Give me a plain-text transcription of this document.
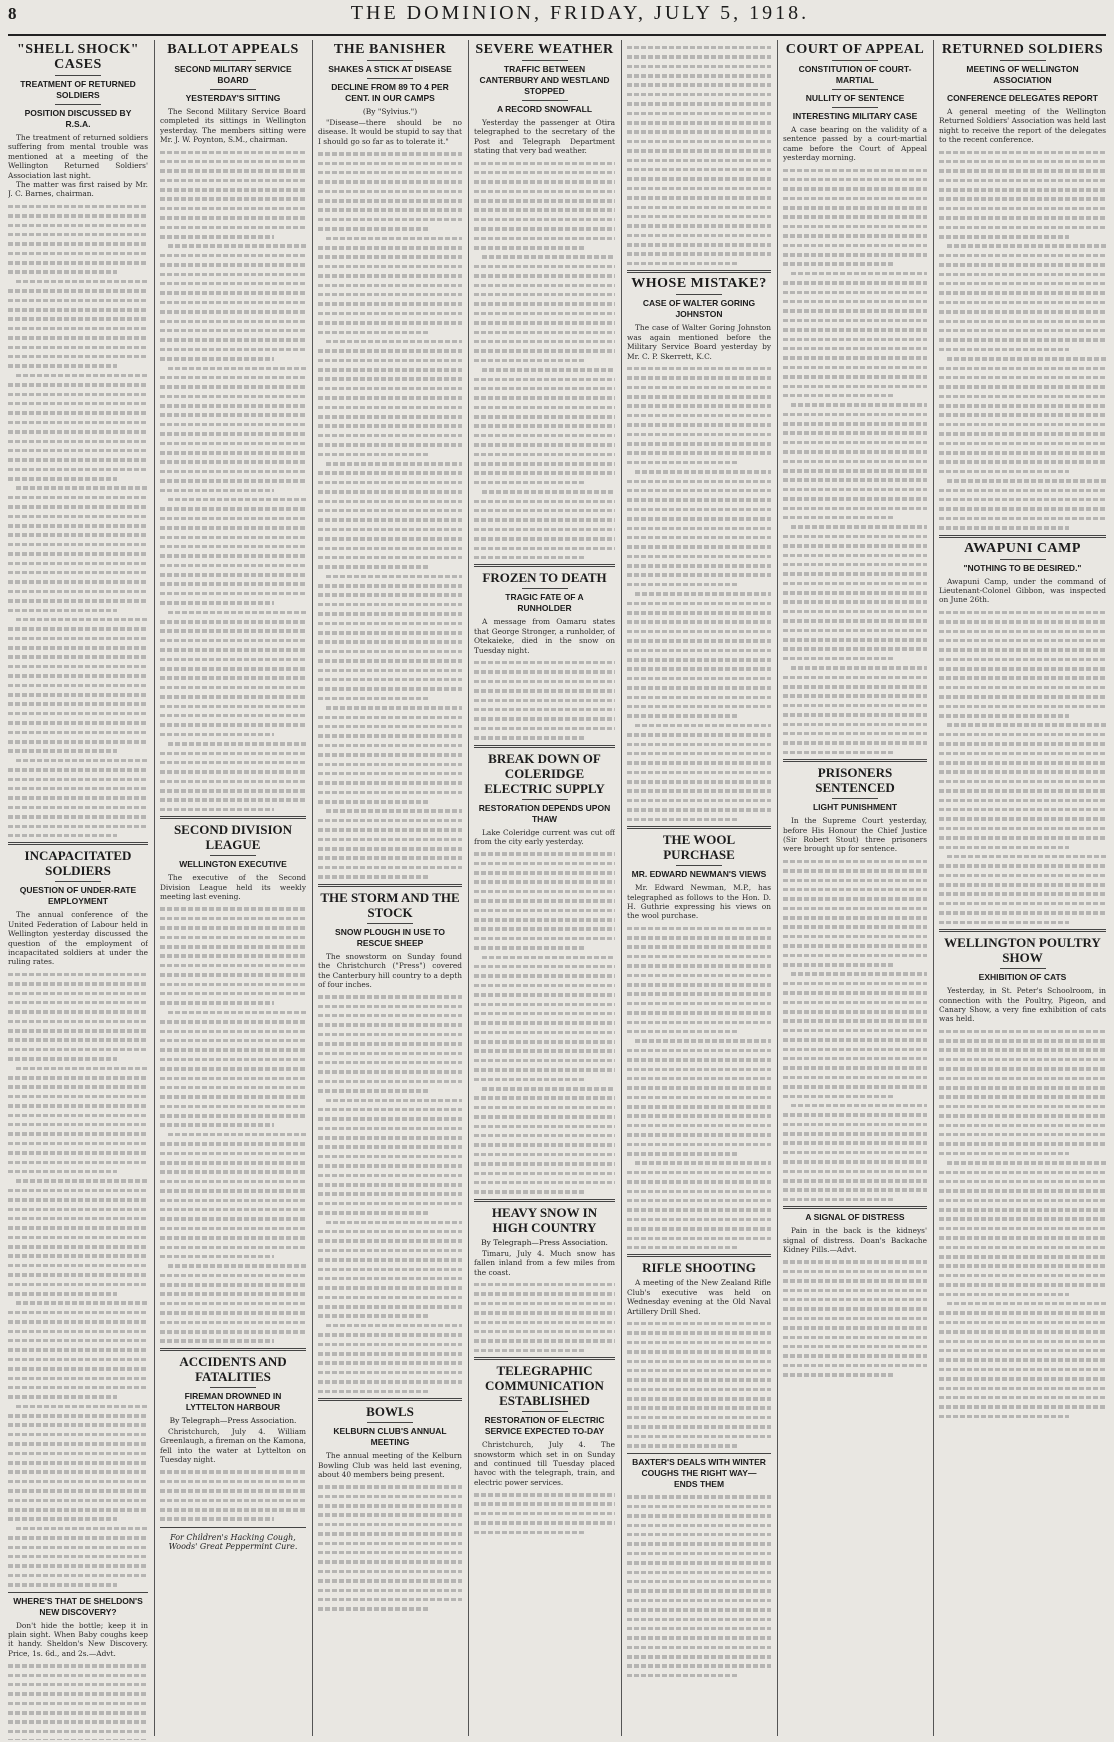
8	THE DOMINION, FRIDAY, JULY 5, 1918.
"SHELL SHOCK" CASES
TREATMENT OF RETURNED SOLDIERS
POSITION DISCUSSED BY R.S.A.

The treatment of returned soldiers suffering from mental trouble was mentioned at a meeting of the Wellington Returned Soldiers' Association last night.

The matter was first raised by Mr. J. C. Barnes, chairman.

INCAPACITATED SOLDIERS
QUESTION OF UNDER-RATE EMPLOYMENT

The annual conference of the United Federation of Labour held in Wellington yesterday discussed the question of the employment of incapacitated soldiers at under the ruling rates.

WHERE'S THAT DE SHELDON'S NEW DISCOVERY?

Don't hide the bottle; keep it in plain sight. When Baby coughs keep it handy. Sheldon's New Discovery. Price, 1s. 6d., and 2s.—Advt.

BALLOT APPEALS
SECOND MILITARY SERVICE BOARD
YESTERDAY'S SITTING

The Second Military Service Board completed its sittings in Wellington yesterday. The members sitting were Mr. J. W. Poynton, S.M., chairman.

SECOND DIVISION LEAGUE
WELLINGTON EXECUTIVE

The executive of the Second Division League held its weekly meeting last evening.

ACCIDENTS AND FATALITIES
FIREMAN DROWNED IN LYTTELTON HARBOUR
By Telegraph—Press Association.

Christchurch, July 4. William Greenlaugh, a fireman on the Kamona, fell into the water at Lyttelton on Tuesday night.

For Children's Hacking Cough, Woods' Great Peppermint Cure.
THE BANISHER
SHAKES A STICK AT DISEASE
DECLINE FROM 89 TO 4 PER CENT. IN OUR CAMPS
(By "Sylvius.")

"Disease—there should be no disease. It would be stupid to say that I should go so far as to tolerate it."

THE STORM AND THE STOCK
SNOW PLOUGH IN USE TO RESCUE SHEEP

The snowstorm on Sunday found the Christchurch ("Press") covered the Canterbury hill country to a depth of four inches.

BOWLS
KELBURN CLUB'S ANNUAL MEETING

The annual meeting of the Kelburn Bowling Club was held last evening, about 40 members being present.

SEVERE WEATHER
TRAFFIC BETWEEN CANTERBURY AND WESTLAND STOPPED
A RECORD SNOWFALL

Yesterday the passenger at Otira telegraphed to the secretary of the Post and Telegraph Department stating that very bad weather.

FROZEN TO DEATH
TRAGIC FATE OF A RUNHOLDER

A message from Oamaru states that George Stronger, a runholder, of Otekaieke, died in the snow on Tuesday night.

BREAK DOWN OF COLERIDGE ELECTRIC SUPPLY
RESTORATION DEPENDS UPON THAW

Lake Coleridge current was cut off from the city early yesterday.

HEAVY SNOW IN HIGH COUNTRY
By Telegraph—Press Association.

Timaru, July 4. Much snow has fallen inland from a few miles from the coast.

TELEGRAPHIC COMMUNICATION ESTABLISHED
RESTORATION OF ELECTRIC SERVICE EXPECTED TO-DAY

Christchurch, July 4. The snowstorm which set in on Sunday and continued till Tuesday placed havoc with the telegraph, train, and electric power services.

WHOSE MISTAKE?
CASE OF WALTER GORING JOHNSTON

The case of Walter Goring Johnston was again mentioned before the Military Service Board yesterday by Mr. C. P. Skerrett, K.C.

THE WOOL PURCHASE
MR. EDWARD NEWMAN'S VIEWS

Mr. Edward Newman, M.P., has telegraphed as follows to the Hon. D. H. Guthrie expressing his views on the wool purchase.

RIFLE SHOOTING

A meeting of the New Zealand Rifle Club's executive was held on Wednesday evening at the Old Naval Artillery Drill Shed.

BAXTER'S DEALS WITH WINTER COUGHS THE RIGHT WAY—ENDS THEM
COURT OF APPEAL
CONSTITUTION OF COURT-MARTIAL
NULLITY OF SENTENCE
INTERESTING MILITARY CASE

A case bearing on the validity of a sentence passed by a court-martial came before the Court of Appeal yesterday morning.

PRISONERS SENTENCED
LIGHT PUNISHMENT

In the Supreme Court yesterday, before His Honour the Chief Justice (Sir Robert Stout) three prisoners were brought up for sentence.

A SIGNAL OF DISTRESS

Pain in the back is the kidneys' signal of distress. Doan's Backache Kidney Pills.—Advt.

RETURNED SOLDIERS
MEETING OF WELLINGTON ASSOCIATION
CONFERENCE DELEGATES REPORT

A general meeting of the Wellington Returned Soldiers' Association was held last night to receive the report of the delegates to the recent conference.

AWAPUNI CAMP
"NOTHING TO BE DESIRED."

Awapuni Camp, under the command of Lieutenant-Colonel Gibbon, was inspected on June 26th.

WELLINGTON POULTRY SHOW
EXHIBITION OF CATS

Yesterday, in St. Peter's Schoolroom, in connection with the Poultry, Pigeon, and Canary Show, a very fine exhibition of cats was held.
